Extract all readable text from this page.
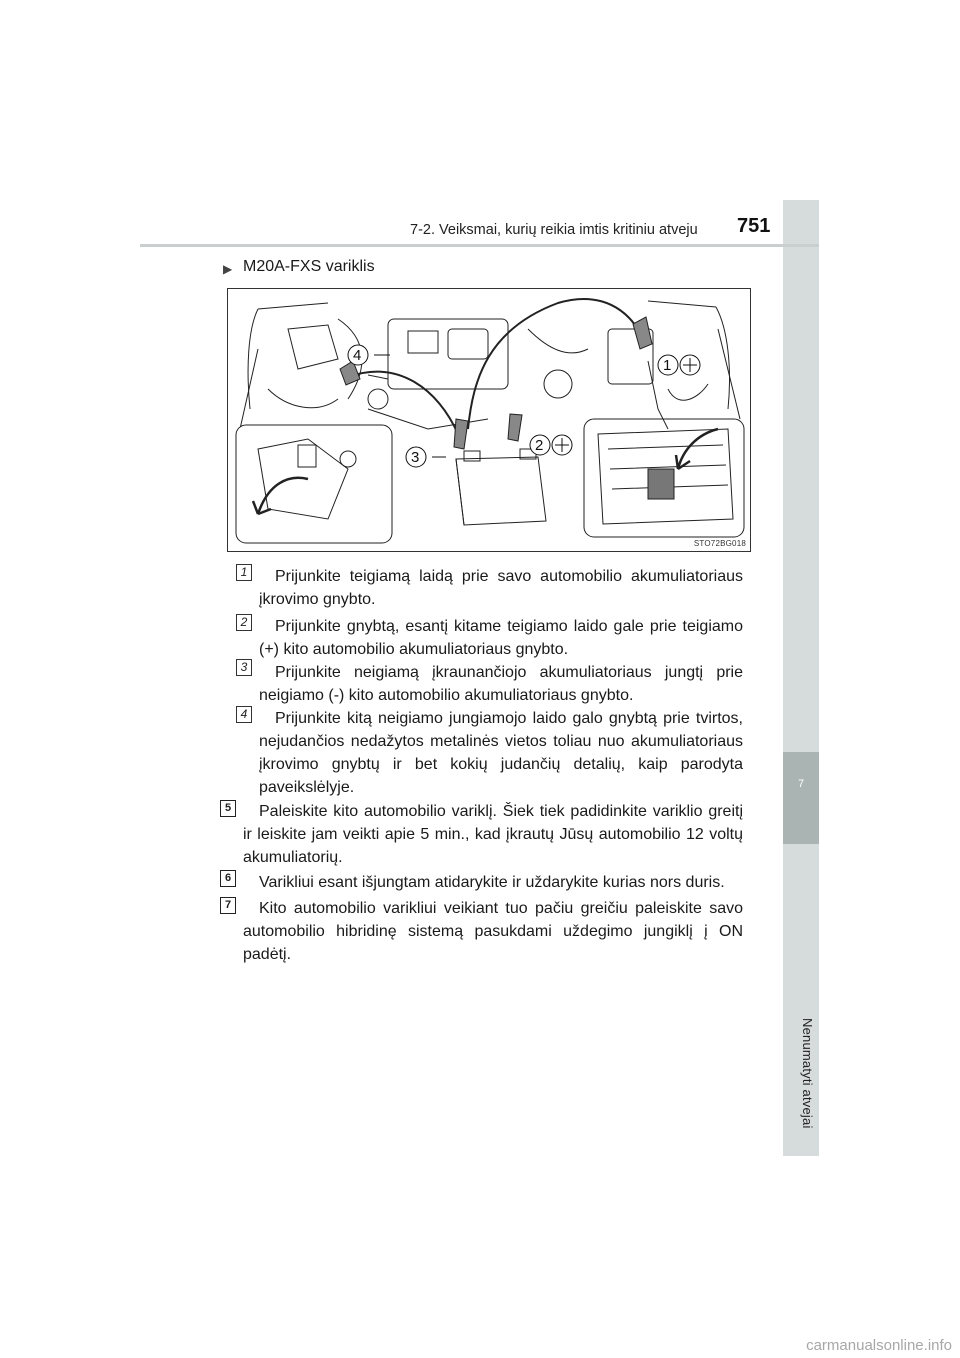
7
Nenumatyti atvejai
7-2. Veiksmai, kurių reikia imtis kritiniu atveju 751
▶ M20A-FXS variklis
4
1
2
3
STO72BG018
1	Prijunkite teigiamą laidą prie savo automobilio akumuliatoriaus įkrovimo gnybto.
2	Prijunkite gnybtą, esantį kitame teigiamo laido gale prie teigiamo (+) kito automobilio akumuliatoriaus gnybto.
3	Prijunkite neigiamą įkraunančiojo akumuliatoriaus jungtį prie neigiamo (-) kito automobilio akumuliatoriaus gnybto.
4	Prijunkite kitą neigiamo jungiamojo laido galo gnybtą prie tvirtos, nejudančios nedažytos metalinės vietos toliau nuo akumuliatoriaus įkrovimo gnybtų ir bet kokių judančių detalių, kaip parodyta paveikslėlyje.
5	Paleiskite kito automobilio variklį. Šiek tiek padidinkite variklio greitį ir leiskite jam veikti apie 5 min., kad įkrautų Jūsų automobilio 12 voltų akumuliatorių.
6	Varikliui esant išjungtam atidarykite ir uždarykite kurias nors duris.
7	Kito automobilio varikliui veikiant tuo pačiu greičiu paleiskite savo automobilio hibridinę sistemą pasukdami uždegimo jungiklį į ON padėtį.
carmanualsonline.info
